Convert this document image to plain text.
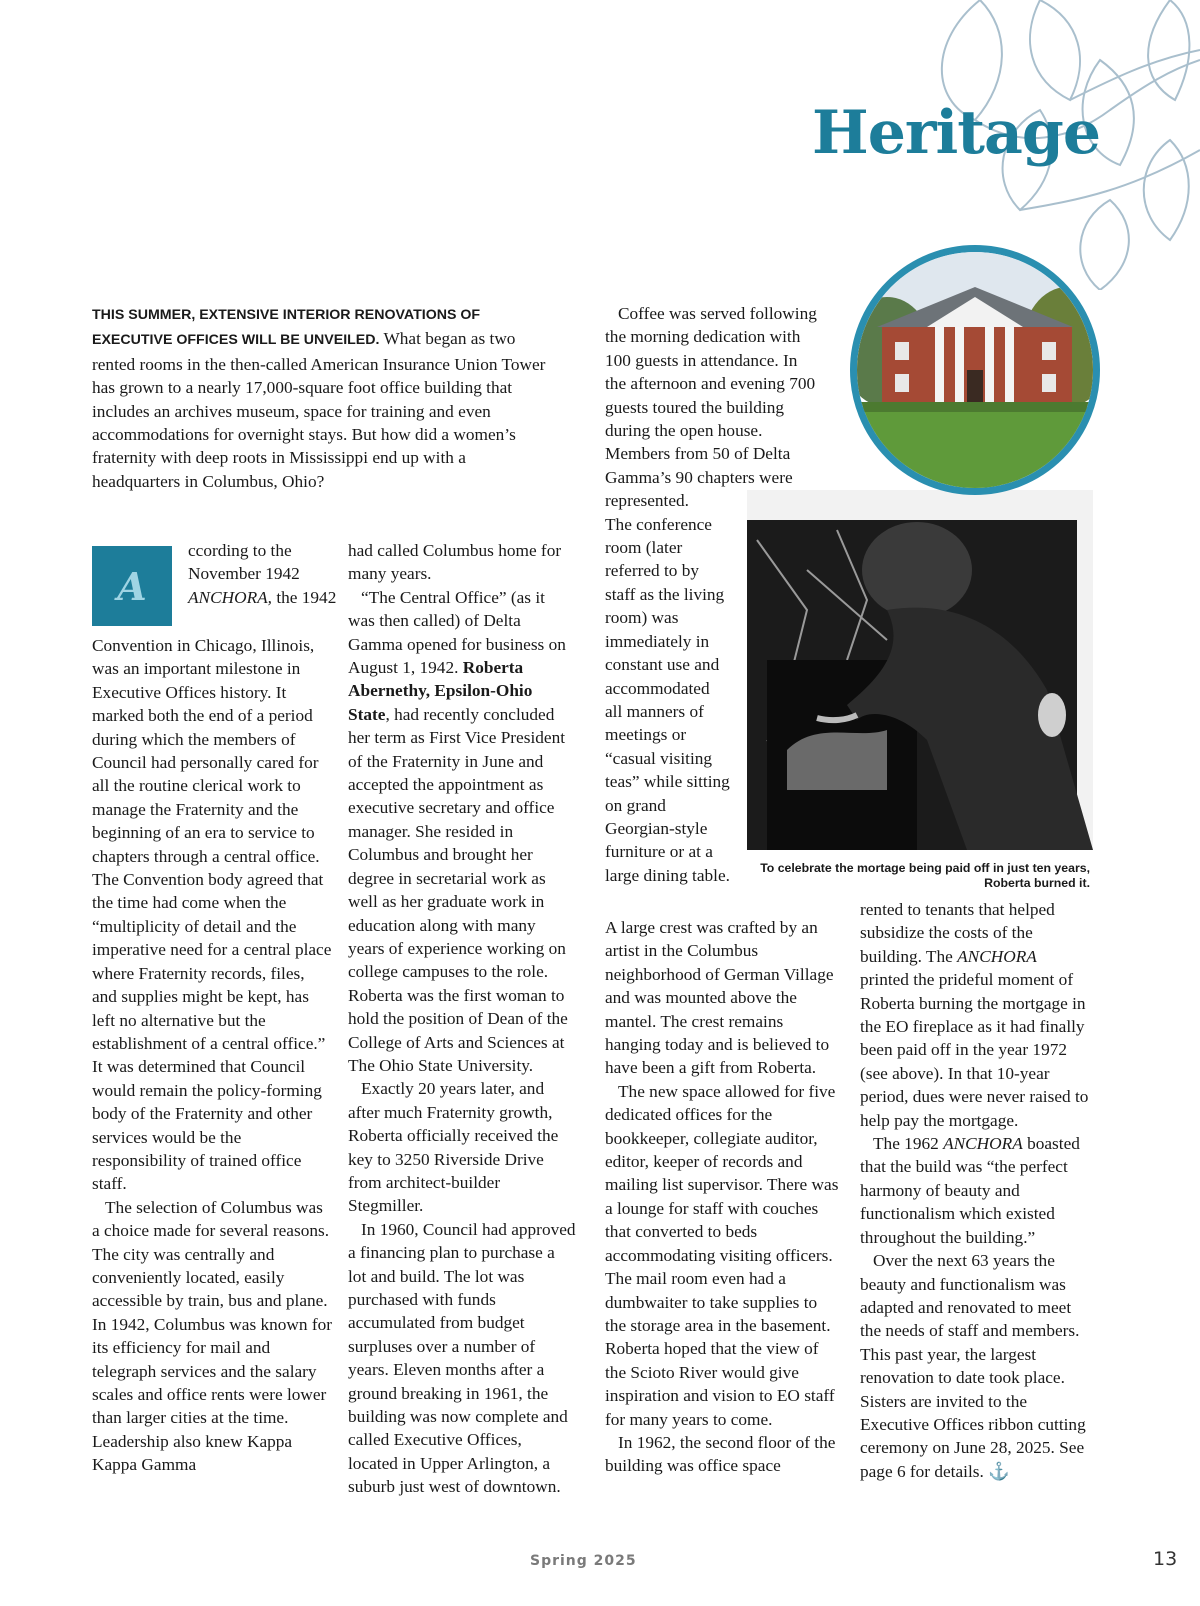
Heritage

THIS SUMMER, EXTENSIVE INTERIOR RENOVATIONS OF EXECUTIVE OFFICES WILL BE UNVEILED. What began as two rented rooms in the then-called American Insurance Union Tower has grown to a nearly 17,000-square foot office building that includes an archives museum, space for training and even accommodations for overnight stays. But how did a women’s fraternity with deep roots in Mississippi end up with a headquarters in Columbus, Ohio?

A

ccording to the November 1942 ANCHORA, the 1942

Convention in Chicago, Illinois, was an important milestone in Executive Offices history. It marked both the end of a period during which the members of Council had personally cared for all the routine clerical work to manage the Fraternity and the beginning of an era to service to chapters through a central office. The Convention body agreed that the time had come when the “multiplicity of detail and the imperative need for a central place where Fraternity records, files, and supplies might be kept, has left no alternative but the establishment of a central office.” It was determined that Council would remain the policy-forming body of the Fraternity and other services would be the responsibility of trained office staff.

The selection of Columbus was a choice made for several reasons. The city was centrally and conveniently located, easily accessible by train, bus and plane. In 1942, Columbus was known for its efficiency for mail and telegraph services and the salary scales and office rents were lower than larger cities at the time. Leadership also knew Kappa Kappa Gamma

had called Columbus home for many years.

“The Central Office” (as it was then called) of Delta Gamma opened for business on August 1, 1942. Roberta Abernethy, Epsilon-Ohio State, had recently concluded her term as First Vice President of the Fraternity in June and accepted the appointment as executive secretary and office manager. She resided in Columbus and brought her degree in secretarial work as well as her graduate work in education along with many years of experience working on college campuses to the role. Roberta was the first woman to hold the position of Dean of the College of Arts and Sciences at The Ohio State University.

Exactly 20 years later, and after much Fraternity growth, Roberta officially received the key to 3250 Riverside Drive from architect-builder Stegmiller.

In 1960, Council had approved a financing plan to purchase a lot and build. The lot was purchased with funds accumulated from budget surpluses over a number of years. Eleven months after a ground breaking in 1961, the building was now complete and called Executive Offices, located in Upper Arlington, a suburb just west of downtown.

Coffee was served following the morning dedication with 100 guests in attendance. In the afternoon and evening 700 guests toured the building during the open house. Members from 50 of Delta Gamma’s 90 chapters were represented.

The conference room (later referred to by staff as the living room) was immediately in constant use and accommodated all manners of meetings or “casual visiting teas” while sitting on grand Georgian-style furniture or at a large dining table.

A large crest was crafted by an artist in the Columbus neighborhood of German Village and was mounted above the mantel. The crest remains hanging today and is believed to have been a gift from Roberta.

The new space allowed for five dedicated offices for the bookkeeper, collegiate auditor, editor, keeper of records and mailing list supervisor. There was a lounge for staff with couches that converted to beds accommodating visiting officers. The mail room even had a dumbwaiter to take supplies to the storage area in the basement. Roberta hoped that the view of the Scioto River would give inspiration and vision to EO staff for many years to come.

In 1962, the second floor of the building was office space

To celebrate the mortage being paid off in just ten years, Roberta burned it.

rented to tenants that helped subsidize the costs of the building. The ANCHORA printed the prideful moment of Roberta burning the mortgage in the EO fireplace as it had finally been paid off in the year 1972 (see above). In that 10-year period, dues were never raised to help pay the mortgage.

The 1962 ANCHORA boasted that the build was “the perfect harmony of beauty and functionalism which existed throughout the building.”

Over the next 63 years the beauty and functionalism was adapted and renovated to meet the needs of staff and members. This past year, the largest renovation to date took place. Sisters are invited to the Executive Offices ribbon cutting ceremony on June 28, 2025. See page 6 for details. ⚓

Spring 2025	13
